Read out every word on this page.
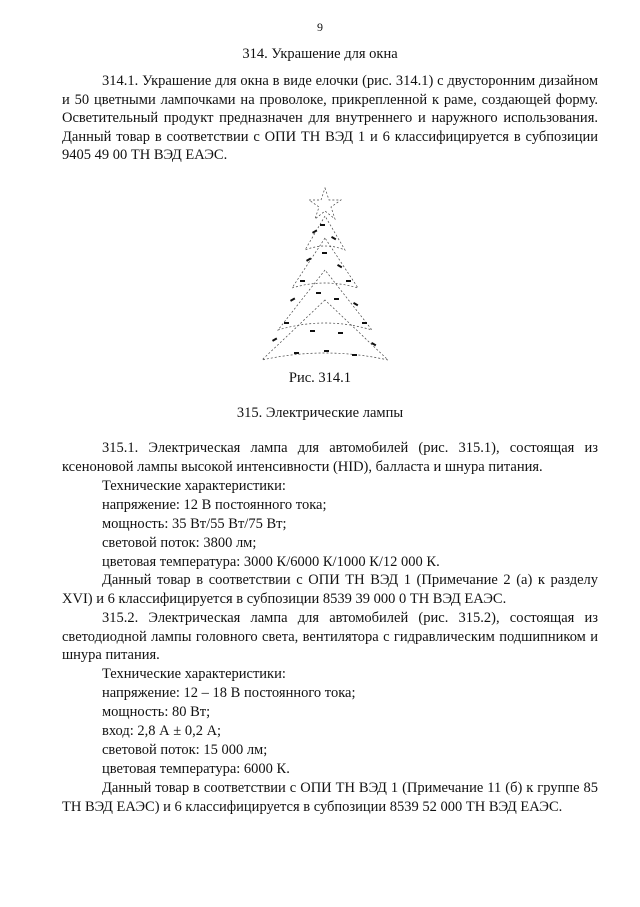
9
314. Украшение для окна

314.1. Украшение для окна в виде елочки (рис. 314.1) с двусторонним дизайном и 50 цветными лампочками на проволоке, прикрепленной к раме, создающей форму. Осветительный продукт предназначен для внутреннего и наружного использования. Данный товар в соответствии с ОПИ ТН ВЭД 1 и 6 классифицируется в субпозиции 9405 49 00 ТН ВЭД ЕАЭС.

Рис. 314.1
315. Электрические лампы

315.1. Электрическая лампа для автомобилей (рис. 315.1), состоящая из ксеноновой лампы высокой интенсивности (HID), балласта и шнура питания.

Технические характеристики:

напряжение: 12 В постоянного тока;

мощность: 35 Вт/55 Вт/75 Вт;

световой поток: 3800 лм;

цветовая температура: 3000 К/6000 К/1000 К/12 000 К.

Данный товар в соответствии с ОПИ ТН ВЭД 1 (Примечание 2 (а) к разделу XVI) и 6 классифицируется в субпозиции 8539 39 000 0 ТН ВЭД ЕАЭС.

315.2. Электрическая лампа для автомобилей (рис. 315.2), состоящая из светодиодной лампы головного света, вентилятора с гидравлическим подшипником и шнура питания.

Технические характеристики:

напряжение: 12 – 18 В постоянного тока;

мощность: 80 Вт;

вход: 2,8 А ± 0,2 А;

световой поток: 15 000 лм;

цветовая температура: 6000 К.

Данный товар в соответствии с ОПИ ТН ВЭД 1 (Примечание 11 (б) к группе 85 ТН ВЭД ЕАЭС) и 6 классифицируется в субпозиции 8539 52 000 ТН ВЭД ЕАЭС.
